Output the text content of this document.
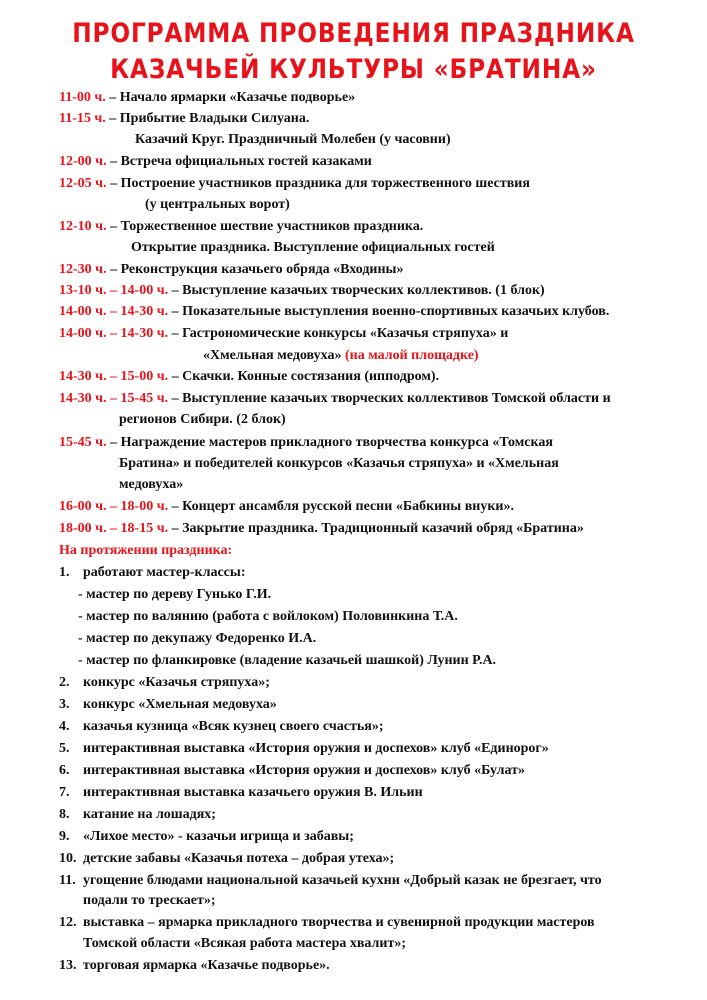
ПРОГРАММА ПРОВЕДЕНИЯ ПРАЗДНИКА
КАЗАЧЬЕЙ КУЛЬТУРЫ «БРАТИНА»
11-00 ч. – Начало ярмарки «Казачье подворье»
11-15 ч. – Прибытие Владыки Силуана.
Казачий Круг. Праздничный Молебен (у часовни)
12-00 ч. – Встреча официальных гостей казаками
12-05 ч. – Построение участников праздника для торжественного шествия
(у центральных ворот)
12-10 ч. – Торжественное шествие участников праздника.
Открытие праздника. Выступление официальных гостей
12-30 ч. – Реконструкция казачьего обряда «Входины»
13-10 ч. – 14-00 ч. – Выступление казачьих творческих коллективов. (1 блок)
14-00 ч. – 14-30 ч. – Показательные выступления военно-спортивных казачьих клубов.
14-00 ч. – 14-30 ч. – Гастрономические конкурсы «Казачья стряпуха» и
«Хмельная медовуха» (на малой площадке)
14-30 ч. – 15-00 ч. – Скачки. Конные состязания (ипподром).
14-30 ч. – 15-45 ч. – Выступление казачьих творческих коллективов Томской области и
регионов Сибири. (2 блок)
15-45 ч. – Награждение мастеров прикладного творчества конкурса «Томская
Братина» и победителей конкурсов «Казачья стряпуха» и «Хмельная
медовуха»
16-00 ч. – 18-00 ч. – Концерт ансамбля русской песни «Бабкины внуки».
18-00 ч. – 18-15 ч. – Закрытие праздника. Традиционный казачий обряд «Братина»
На протяжении праздника:
1. работают мастер-классы:
- мастер по дереву Гунько Г.И.
- мастер по валянию (работа с войлоком) Половинкина Т.А.
- мастер по декупажу Федоренко И.А.
- мастер по фланкировке (владение казачьей шашкой) Лунин Р.А.
2. конкурс «Казачья стряпуха»;
3. конкурс «Хмельная медовуха»
4. казачья кузница «Всяк кузнец своего счастья»;
5. интерактивная выставка «История оружия и доспехов» клуб «Единорог»
6. интерактивная выставка «История оружия и доспехов» клуб «Булат»
7. интерактивная выставка казачьего оружия В. Ильин
8. катание на лошадях;
9. «Лихое место» - казачьи игрища и забавы;
10. детские забавы «Казачья потеха – добрая утеха»;
11. угощение блюдами национальной казачьей кухни «Добрый казак не брезгает, что
подали то трескает»;
12. выставка – ярмарка прикладного творчества и сувенирной продукции мастеров
Томской области «Всякая работа мастера хвалит»;
13. торговая ярмарка «Казачье подворье».
